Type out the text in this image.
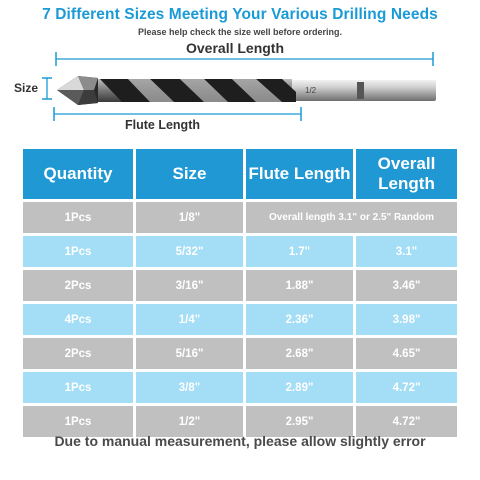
7 Different Sizes Meeting Your Various Drilling Needs
Please help check the size well before ordering.
1/2
Overall Length
Size
Flute Length
Quantity	Size	Flute Length	Overall Length
1Pcs	1/8"	Overall length 3.1" or 2.5" Random	
1Pcs	5/32"	1.7"	3.1"
2Pcs	3/16"	1.88"	3.46"
4Pcs	1/4"	2.36"	3.98"
2Pcs	5/16"	2.68"	4.65"
1Pcs	3/8"	2.89"	4.72"
1Pcs	1/2"	2.95"	4.72"
Due to manual measurement, please allow slightly error
